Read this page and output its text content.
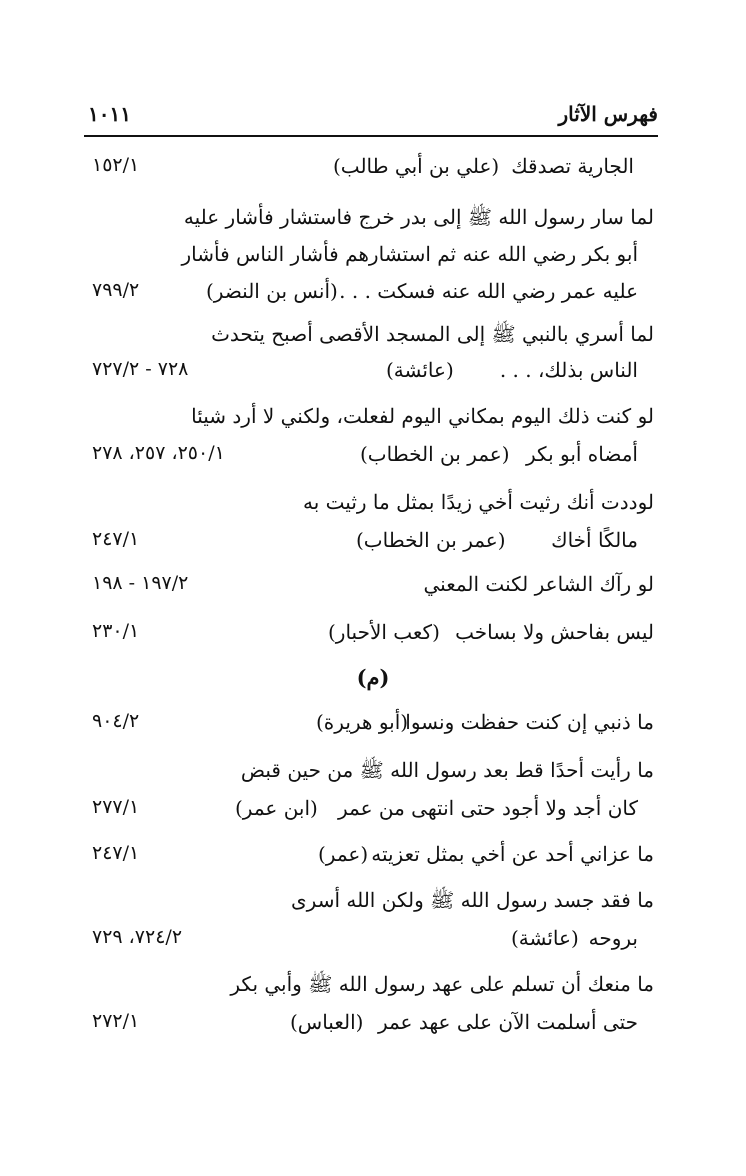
فهرس الآثار
١٠١١
الجارية تصدقك
(علي بن أبي طالب)
١٥٢/١
لما سار رسول الله ﷺ إلى بدر خرج فاستشار فأشار عليه
أبو بكر رضي الله عنه ثم استشارهم فأشار الناس فأشار
عليه عمر رضي الله عنه فسكت . . .
(أنس بن النضر)
٧٩٩/٢
لما أسري بالنبي ﷺ إلى المسجد الأقصى أصبح يتحدث
الناس بذلك، . . .
(عائشة)
٧٢٨ - ٧٢٧/٢
لو كنت ذلك اليوم بمكاني اليوم لفعلت، ولكني لا أرد شيئا
أمضاه أبو بكر
(عمر بن الخطاب)
٢٥٠/١، ٢٥٧، ٢٧٨
لوددت أنك رثيت أخي زيدًا بمثل ما رثيت به
مالكًا أخاك
(عمر بن الخطاب)
٢٤٧/١
لو رآك الشاعر لكنت المعني
١٩٧/٢ - ١٩٨
ليس بفاحش ولا بساخب
(كعب الأحبار)
٢٣٠/١
(م)
ما ذنبي إن كنت حفظت ونسوا
(أبو هريرة)
٩٠٤/٢
ما رأيت أحدًا قط بعد رسول الله ﷺ من حين قبض
كان أجد ولا أجود حتى انتهى من عمر
(ابن عمر)
٢٧٧/١
ما عزاني أحد عن أخي بمثل تعزيته
(عمر)
٢٤٧/١
ما فقد جسد رسول الله ﷺ ولكن الله أسرى
بروحه
(عائشة)
٧٢٤/٢، ٧٢٩
ما منعك أن تسلم على عهد رسول الله ﷺ وأبي بكر
حتى أسلمت الآن على عهد عمر
(العباس)
٢٧٢/١
